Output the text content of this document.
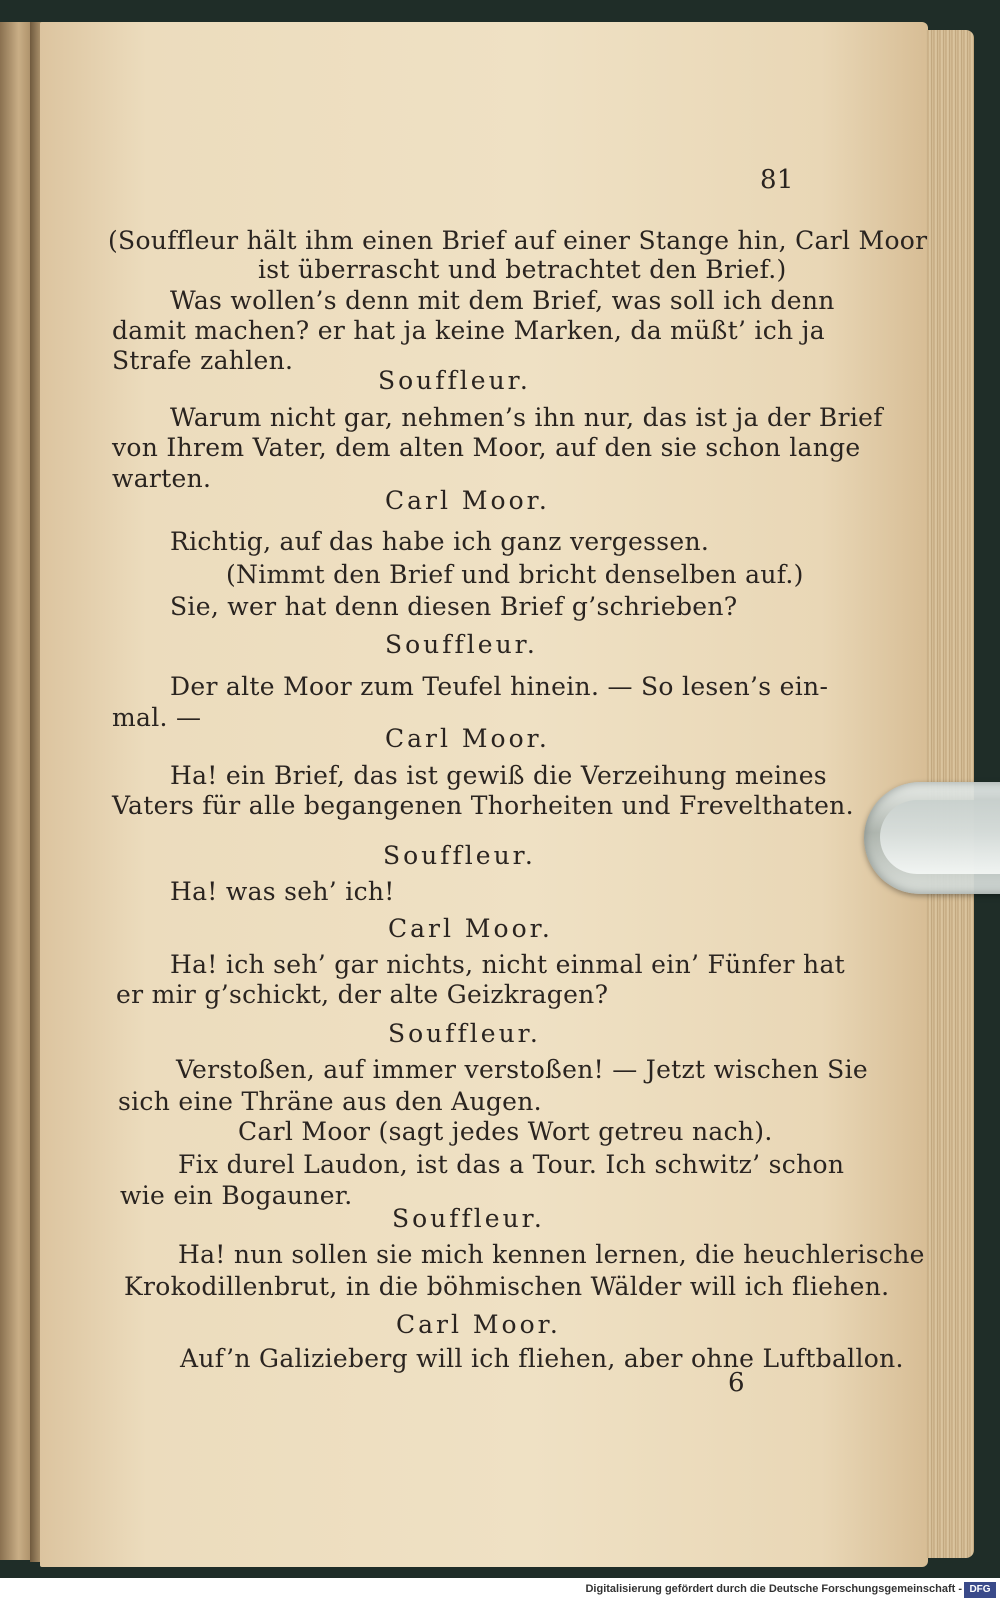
81
(Souffleur hält ihm einen Brief auf einer Stange hin, Carl Moor
ist überrascht und betrachtet den Brief.)
Was wollen’s denn mit dem Brief, was soll ich denn
damit machen? er hat ja keine Marken, da müßt’ ich ja
Strafe zahlen.
Souffleur.
Warum nicht gar, nehmen’s ihn nur, das ist ja der Brief
von Ihrem Vater, dem alten Moor, auf den sie schon lange
warten.
Carl Moor.
Richtig, auf das habe ich ganz vergessen.
(Nimmt den Brief und bricht denselben auf.)
Sie, wer hat denn diesen Brief g’schrieben?
Souffleur.
Der alte Moor zum Teufel hinein. — So lesen’s ein-
mal. —
Carl Moor.
Ha! ein Brief, das ist gewiß die Verzeihung meines
Vaters für alle begangenen Thorheiten und Frevelthaten.
Souffleur.
Ha! was seh’ ich!
Carl Moor.
Ha! ich seh’ gar nichts, nicht einmal ein’ Fünfer hat
er mir g’schickt, der alte Geizkragen?
Souffleur.
Verstoßen, auf immer verstoßen! — Jetzt wischen Sie
sich eine Thräne aus den Augen.
Carl Moor (sagt jedes Wort getreu nach).
Fix durel Laudon, ist das a Tour. Ich schwitz’ schon
wie ein Bogauner.
Souffleur.
Ha! nun sollen sie mich kennen lernen, die heuchlerische
Krokodillenbrut, in die böhmischen Wälder will ich fliehen.
Carl Moor.
Auf’n Galizieberg will ich fliehen, aber ohne Luftballon.
6
Digitalisierung gefördert durch die Deutsche Forschungsgemeinschaft - DFG
